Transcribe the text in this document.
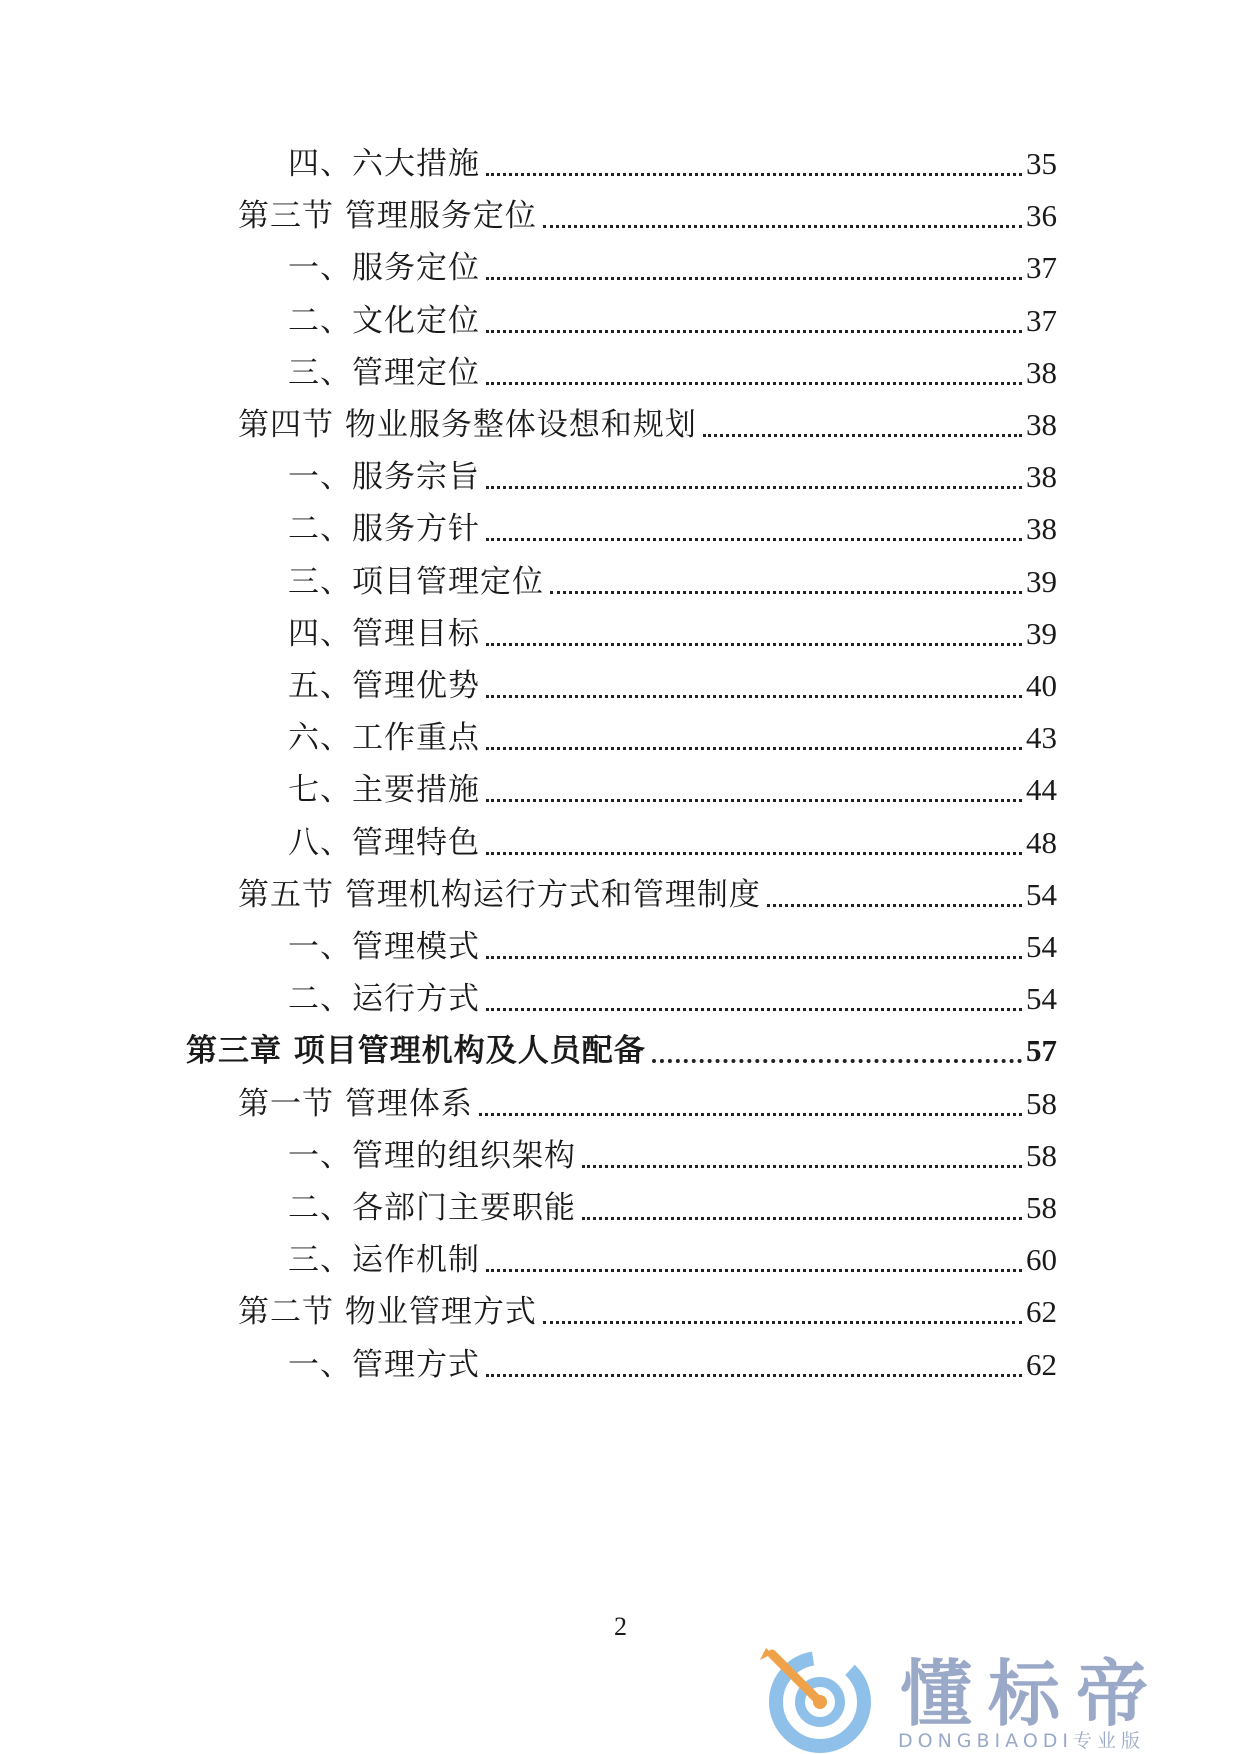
四、六大措施	35
第三节 管理服务定位	36
一、服务定位	37
二、文化定位	37
三、管理定位	38
第四节 物业服务整体设想和规划	38
一、服务宗旨	38
二、服务方针	38
三、项目管理定位	39
四、管理目标	39
五、管理优势	40
六、工作重点	43
七、主要措施	44
八、管理特色	48
第五节 管理机构运行方式和管理制度	54
一、管理模式	54
二、运行方式	54
第三章 项目管理机构及人员配备	57
第一节 管理体系	58
一、管理的组织架构	58
二、各部门主要职能	58
三、运作机制	60
第二节 物业管理方式	62
一、管理方式	62
2
懂标帝
DONGBIAODI专业版
